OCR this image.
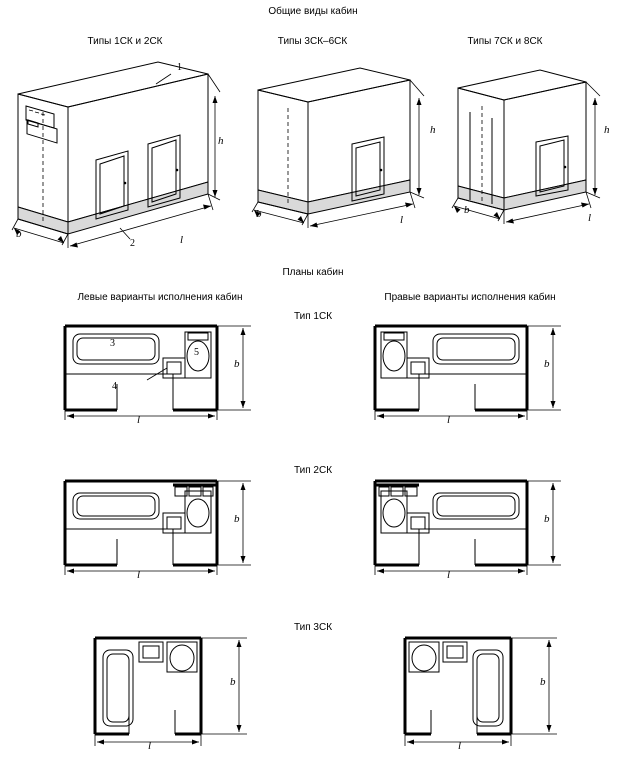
Общие виды кабин
Типы 1СК и 2СК	Типы 3СК–6СК	Типы 7СК и 8СК
1
2
h
b	l
h
b	l
h
b
l
Планы кабин
Левые варианты исполнения кабин	Правые варианты исполнения кабин
Тип 1СК
3
5
4
b
l
b
l
Тип 2СК
b
l
b
l
Тип 3СК
b
l
b
l
